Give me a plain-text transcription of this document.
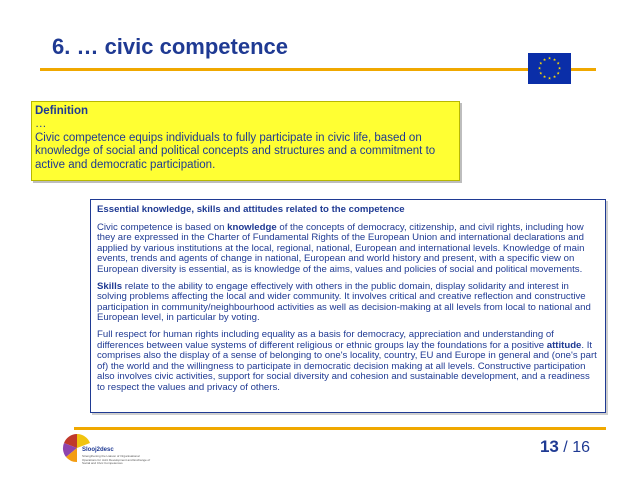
6. … civic competence	★ ★
★
★
★
★
★
★
★
★
★
★
Definition
…
Civic competence equips individuals to fully participate in civic life, based on knowledge of social and political concepts and structures and a commitment to active and democratic participation.
Essential knowledge, skills and attitudes related to the competence

Civic competence is based on knowledge of the concepts of democracy, citizenship, and civil rights, including how they are expressed in the Charter of Fundamental Rights of the European Union and international declarations and applied by various institutions at the local, regional, national, European and international levels. Knowledge of main events, trends and agents of change in national, European and world history and present, with a specific view on European diversity is essential, as is knowledge of the aims, values and policies of social and political movements.

Skills relate to the ability to engage effectively with others in the public domain, display solidarity and interest in solving problems affecting the local and wider community. It involves critical and creative reflection and constructive participation in community/neighbourhood activities as well as decision-making at all levels from local to national and European level, in particular by voting.

Full respect for human rights including equality as a basis for democracy, appreciation and understanding of differences between value systems of different religious or ethnic groups lay the foundations for a positive attitude. It comprises also the display of a sense of belonging to one's locality, country, EU and Europe in general and (one's part of) the world and the willingness to participate in democratic decision making at all levels. Constructive participation also involves civic activities, support for social diversity and cohesion and sustainable development, and a readiness to respect the values and privacy of others.

Slooj2desc
Strengthening the Liaison of Organisational Operations for Joint Development and Exchange of Social and Civic Competences
13 / 16
